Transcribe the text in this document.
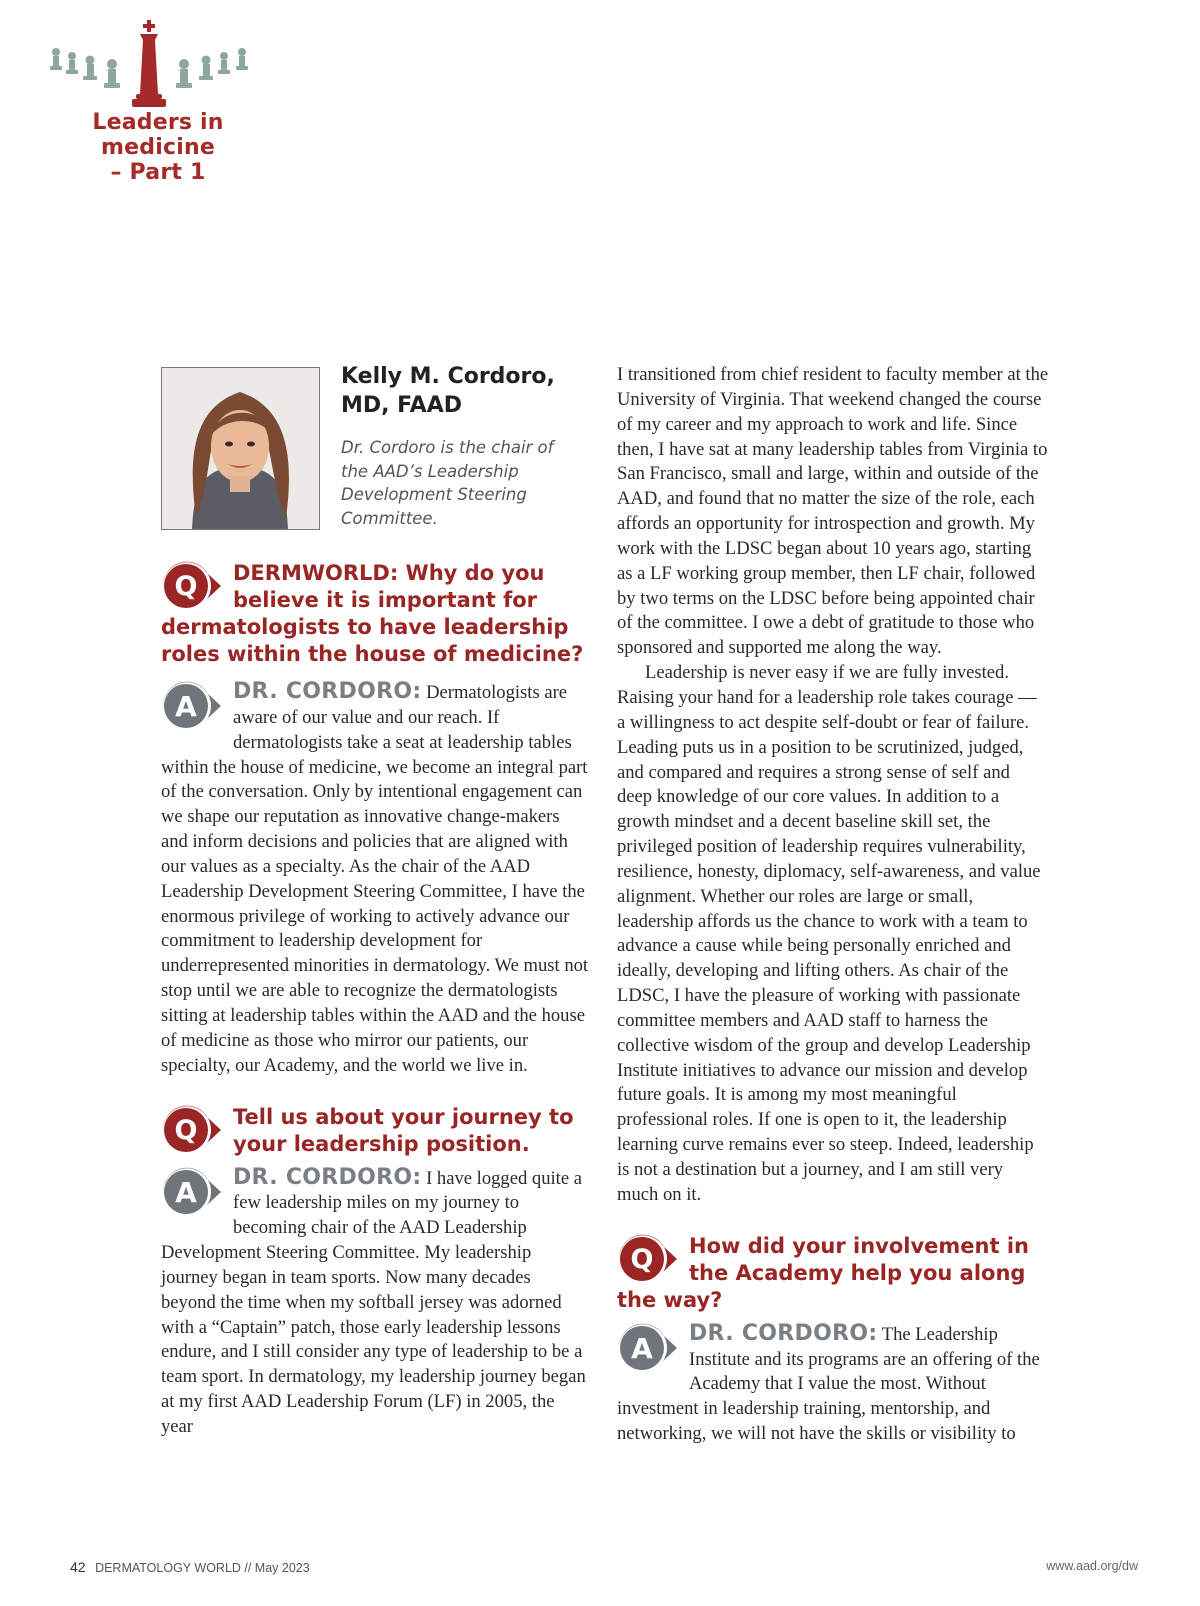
Leaders in medicine
– Part 1
Kelly M. Cordoro,
MD, FAAD
Dr. Cordoro is the chair of the AAD’s Leadership Development Steering Committee.
Q	DERMWORLD: Why do you believe it is important for dermatologists to have leadership roles within the house of medicine?
A	DR. CORDORO: Dermatologists are aware of our value and our reach. If dermatologists take a seat at leadership tables within the house of medicine, we become an integral part of the conversation. Only by intentional engagement can we shape our reputation as innovative change-makers and inform decisions and policies that are aligned with our values as a specialty. As the chair of the AAD Leadership Development Steering Committee, I have the enormous privilege of working to actively advance our commitment to leadership development for underrepresented minorities in dermatology. We must not stop until we are able to recognize the dermatologists sitting at leadership tables within the AAD and the house of medicine as those who mirror our patients, our specialty, our Academy, and the world we live in.

Q	Tell us about your journey to your leadership position.
A	DR. CORDORO: I have logged quite a few leadership miles on my journey to becoming chair of the AAD Leadership Development Steering Committee. My leadership journey began in team sports. Now many decades beyond the time when my softball jersey was adorned with a “Captain” patch, those early leadership lessons endure, and I still consider any type of leadership to be a team sport. In dermatology, my leadership journey began at my first AAD Leadership Forum (LF) in 2005, the year

I transitioned from chief resident to faculty member at the University of Virginia. That weekend changed the course of my career and my approach to work and life. Since then, I have sat at many leadership tables from Virginia to San Francisco, small and large, within and outside of the AAD, and found that no matter the size of the role, each affords an opportunity for introspection and growth. My work with the LDSC began about 10 years ago, starting as a LF working group member, then LF chair, followed by two terms on the LDSC before being appointed chair of the committee. I owe a debt of gratitude to those who sponsored and supported me along the way.

Leadership is never easy if we are fully invested. Raising your hand for a leadership role takes courage — a willingness to act despite self-doubt or fear of failure. Leading puts us in a position to be scrutinized, judged, and compared and requires a strong sense of self and deep knowledge of our core values. In addition to a growth mindset and a decent baseline skill set, the privileged position of leadership requires vulnerability, resilience, honesty, diplomacy, self-awareness, and value alignment. Whether our roles are large or small, leadership affords us the chance to work with a team to advance a cause while being personally enriched and ideally, developing and lifting others. As chair of the LDSC, I have the pleasure of working with passionate committee members and AAD staff to harness the collective wisdom of the group and develop Leadership Institute initiatives to advance our mission and develop future goals. It is among my most meaningful professional roles. If one is open to it, the leadership learning curve remains ever so steep. Indeed, leadership is not a destination but a journey, and I am still very much on it.

Q	How did your involvement in the Academy help you along the way?
A	DR. CORDORO: The Leadership Institute and its programs are an offering of the Academy that I value the most. Without investment in leadership training, mentorship, and networking, we will not have the skills or visibility to

42 DERMATOLOGY WORLD // May 2023	www.aad.org/dw
